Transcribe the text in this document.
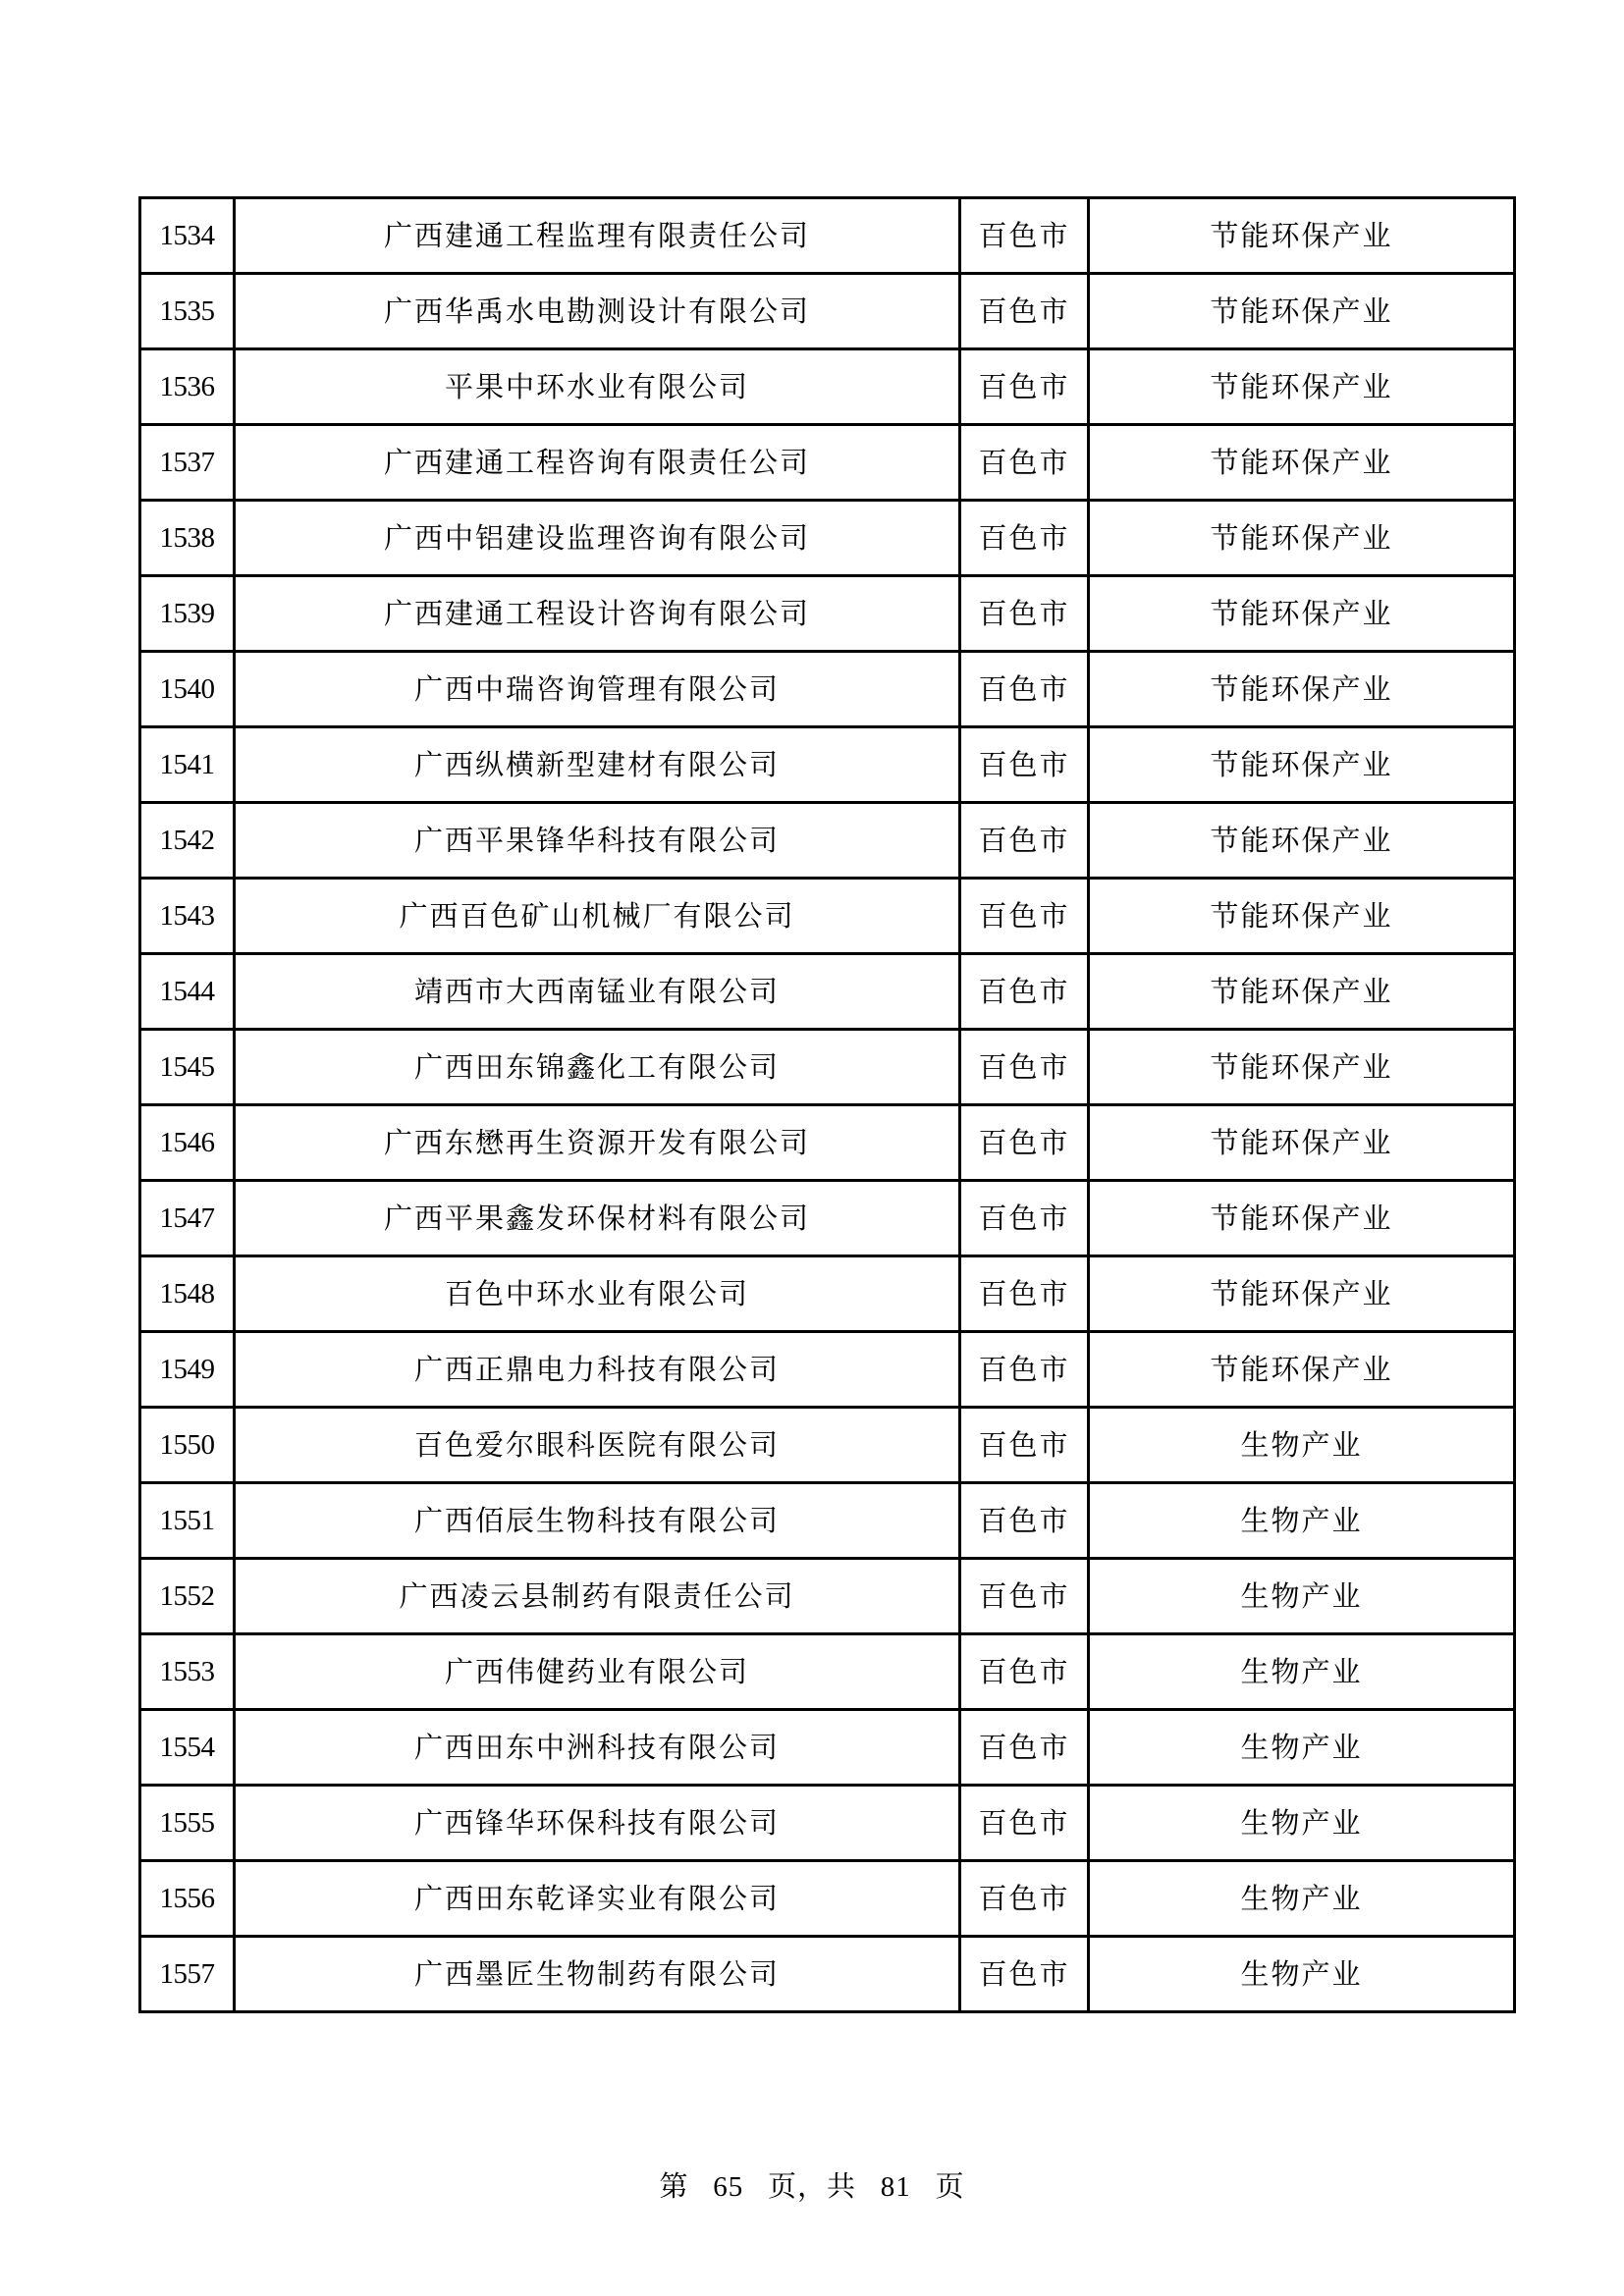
1534	广西建通工程监理有限责任公司	百色市	节能环保产业
1535	广西华禹水电勘测设计有限公司	百色市	节能环保产业
1536	平果中环水业有限公司	百色市	节能环保产业
1537	广西建通工程咨询有限责任公司	百色市	节能环保产业
1538	广西中铝建设监理咨询有限公司	百色市	节能环保产业
1539	广西建通工程设计咨询有限公司	百色市	节能环保产业
1540	广西中瑞咨询管理有限公司	百色市	节能环保产业
1541	广西纵横新型建材有限公司	百色市	节能环保产业
1542	广西平果锋华科技有限公司	百色市	节能环保产业
1543	广西百色矿山机械厂有限公司	百色市	节能环保产业
1544	靖西市大西南锰业有限公司	百色市	节能环保产业
1545	广西田东锦鑫化工有限公司	百色市	节能环保产业
1546	广西东懋再生资源开发有限公司	百色市	节能环保产业
1547	广西平果鑫发环保材料有限公司	百色市	节能环保产业
1548	百色中环水业有限公司	百色市	节能环保产业
1549	广西正鼎电力科技有限公司	百色市	节能环保产业
1550	百色爱尔眼科医院有限公司	百色市	生物产业
1551	广西佰辰生物科技有限公司	百色市	生物产业
1552	广西凌云县制药有限责任公司	百色市	生物产业
1553	广西伟健药业有限公司	百色市	生物产业
1554	广西田东中洲科技有限公司	百色市	生物产业
1555	广西锋华环保科技有限公司	百色市	生物产业
1556	广西田东乾译实业有限公司	百色市	生物产业
1557	广西墨匠生物制药有限公司	百色市	生物产业
第 65 页，共 81 页
